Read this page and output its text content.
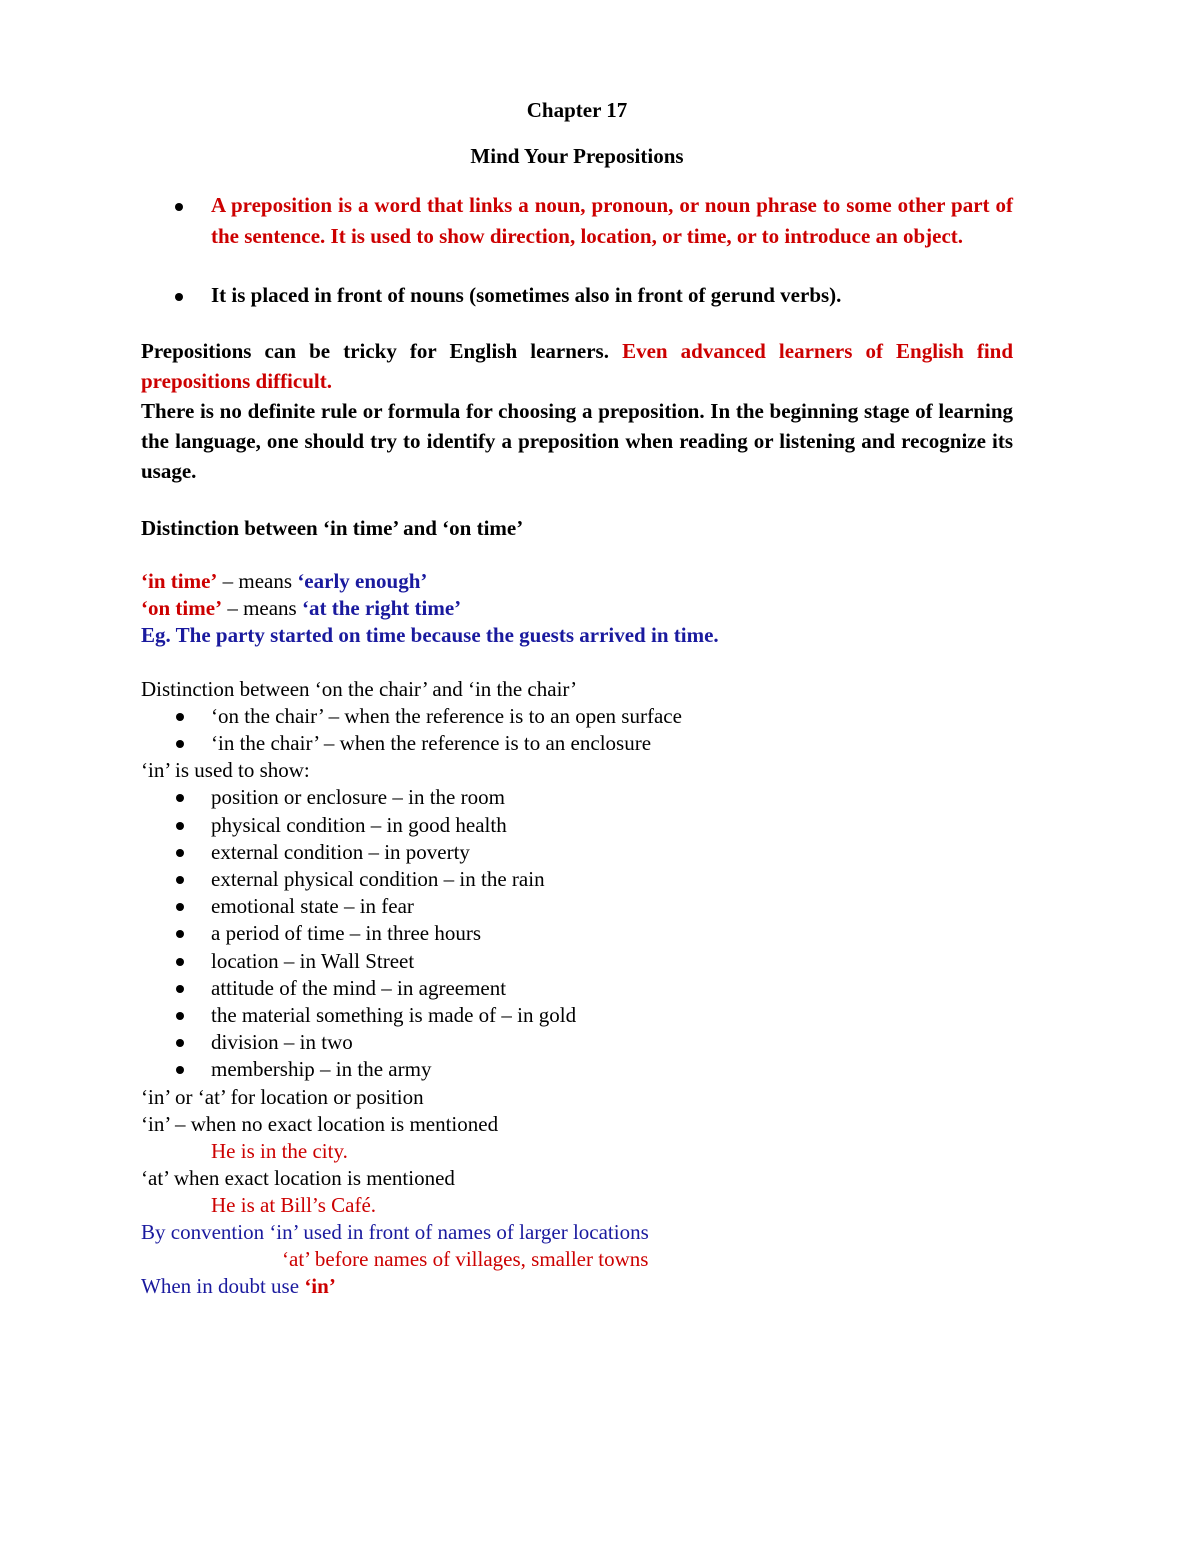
Chapter 17

Mind Your Prepositions

A preposition is a word that links a noun, pronoun, or noun phrase to some other part of the sentence. It is used to show direction, location, or time, or to introduce an object.
It is placed in front of nouns (sometimes also in front of gerund verbs).

Prepositions can be tricky for English learners. Even advanced learners of English find prepositions difficult.

There is no definite rule or formula for choosing a preposition. In the beginning stage of learning the language, one should try to identify a preposition when reading or listening and recognize its usage.

Distinction between ‘in time’ and ‘on time’

‘in time’ – means ‘early enough’

‘on time’ – means ‘at the right time’

Eg. The party started on time because the guests arrived in time.

Distinction between ‘on the chair’ and ‘in the chair’

‘on the chair’ – when the reference is to an open surface
‘in the chair’ – when the reference is to an enclosure

‘in’ is used to show:

position or enclosure – in the room
physical condition – in good health
external condition – in poverty
external physical condition – in the rain
emotional state – in fear
a period of time – in three hours
location – in Wall Street
attitude of the mind – in agreement
the material something is made of – in gold
division – in two
membership – in the army

‘in’ or ‘at’ for location or position

‘in’ – when no exact location is mentioned

He is in the city.

‘at’ when exact location is mentioned

He is at Bill’s Café.

By convention ‘in’ used in front of names of larger locations

‘at’ before names of villages, smaller towns

When in doubt use ‘in’
